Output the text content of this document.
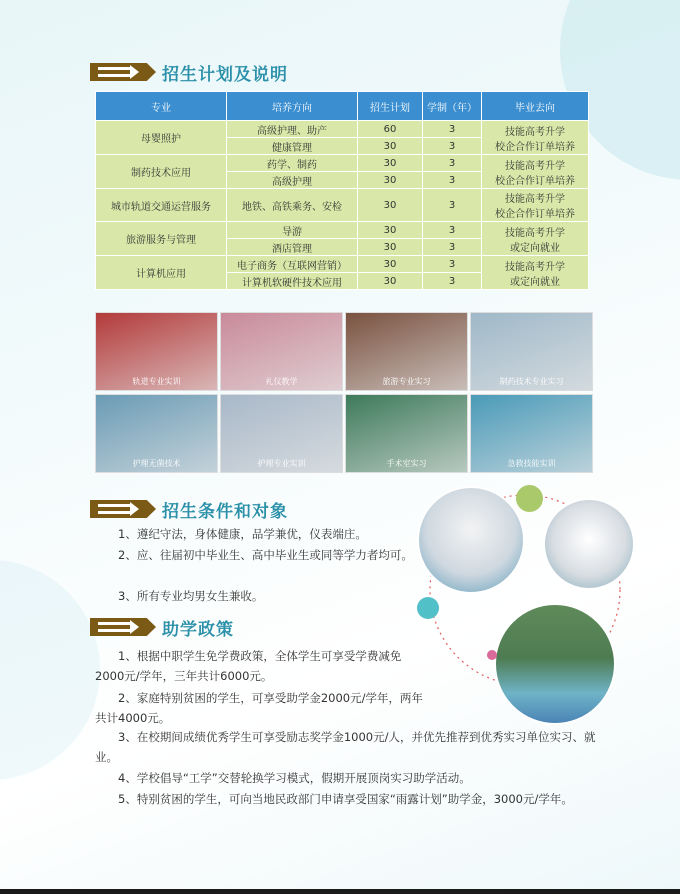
招生计划及说明
专业	培养方向	招生计划	学制（年）	毕业去向
母婴照护	高级护理、助产	60	3	技能高考升学
校企合作订单培养

	健康管理	30	3	
制药技术应用	药学、制药	30	3	技能高考升学
校企合作订单培养

	高级护理	30	3	
城市轨道交通运营服务	地铁、高铁乘务、安检	30	3	技能高考升学
校企合作订单培养

旅游服务与管理	导游	30	3	技能高考升学
或定向就业

	酒店管理	30	3	
计算机应用	电子商务（互联网营销）	30	3	技能高考升学
或定向就业

	计算机软硬件技术应用	30	3	
轨道专业实训	礼仪教学	旅游专业实习	制药技术专业实习
护理无菌技术	护理专业实训	手术室实习	急救技能实训
招生条件和对象
1、遵纪守法，身体健康，品学兼优，仪表端庄。
2、应、往届初中毕业生、高中毕业生或同等学力者均可。
3、所有专业均男女生兼收。
助学政策
1、根据中职学生免学费政策，全体学生可享受学费减免2000元/学年，三年共计6000元。
2、家庭特别贫困的学生，可享受助学金2000元/学年，两年共计4000元。
3、在校期间成绩优秀学生可享受励志奖学金1000元/人，并优先推荐到优秀实习单位实习、就业。
4、学校倡导“工学”交替轮换学习模式，假期开展顶岗实习助学活动。
5、特别贫困的学生，可向当地民政部门申请享受国家“雨露计划”助学金，3000元/学年。
